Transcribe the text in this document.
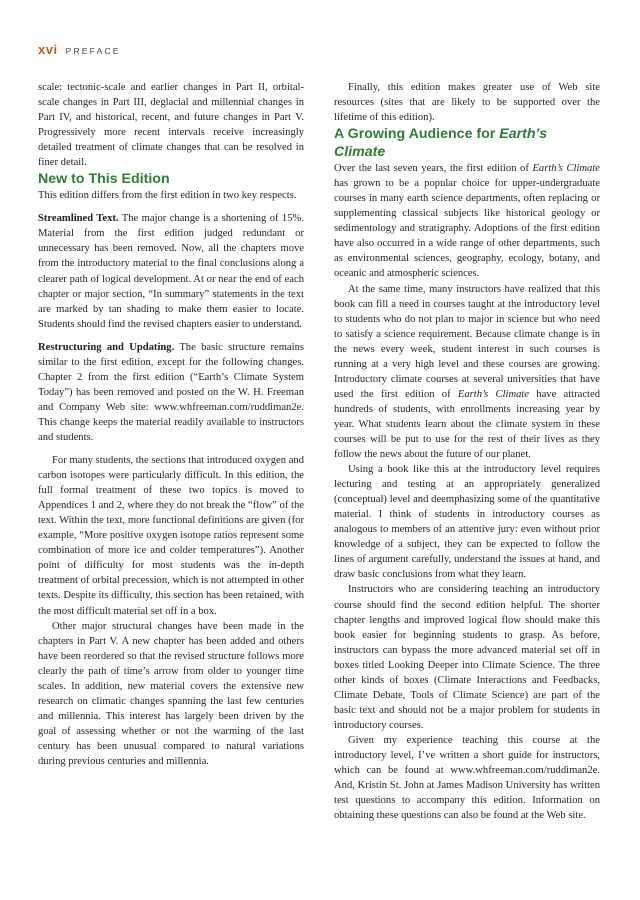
xvi PREFACE

scale: tectonic-scale and earlier changes in Part II, orbital-scale changes in Part III, deglacial and millennial changes in Part IV, and historical, recent, and future changes in Part V. Progressively more recent intervals receive increasingly detailed treatment of climate changes that can be resolved in finer detail.

New to This Edition

This edition differs from the first edition in two key respects.

Streamlined Text. The major change is a shortening of 15%. Material from the first edition judged redundant or unnecessary has been removed. Now, all the chapters move from the introductory material to the final conclusions along a clearer path of logical development. At or near the end of each chapter or major section, “In summary” statements in the text are marked by tan shading to make them easier to locate. Students should find the revised chapters easier to understand.

Restructuring and Updating. The basic structure remains similar to the first edition, except for the following changes. Chapter 2 from the first edition (“Earth’s Climate System Today”) has been removed and posted on the W. H. Freeman and Company Web site: www.whfreeman.com/ruddiman2e. This change keeps the material readily available to instructors and students.

For many students, the sections that introduced oxygen and carbon isotopes were particularly difficult. In this edition, the full formal treatment of these two topics is moved to Appendices 1 and 2, where they do not break the “flow” of the text. Within the text, more functional definitions are given (for example, “More positive oxygen isotope ratios represent some combination of more ice and colder temperatures”). Another point of difficulty for most students was the in-depth treatment of orbital precession, which is not attempted in other texts. Despite its difficulty, this section has been retained, with the most difficult material set off in a box.

Other major structural changes have been made in the chapters in Part V. A new chapter has been added and others have been reordered so that the revised structure follows more clearly the path of time’s arrow from older to younger time scales. In addition, new material covers the extensive new research on climatic changes spanning the last few centuries and millennia. This interest has largely been driven by the goal of assessing whether or not the warming of the last century has been unusual compared to natural variations during previous centuries and millennia.

Finally, this edition makes greater use of Web site resources (sites that are likely to be supported over the lifetime of this edition).

A Growing Audience for Earth’s Climate

Over the last seven years, the first edition of Earth’s Climate has grown to be a popular choice for upper-undergraduate courses in many earth science departments, often replacing or supplementing classical subjects like historical geology or sedimentology and stratigraphy. Adoptions of the first edition have also occurred in a wide range of other departments, such as environmental sciences, geography, ecology, botany, and oceanic and atmospheric sciences.

At the same time, many instructors have realized that this book can fill a need in courses taught at the introductory level to students who do not plan to major in science but who need to satisfy a science requirement. Because climate change is in the news every week, student interest in such courses is running at a very high level and these courses are growing. Introductory climate courses at several universities that have used the first edition of Earth’s Climate have attracted hundreds of students, with enrollments increasing year by year. What students learn about the climate system in these courses will be put to use for the rest of their lives as they follow the news about the future of our planet.

Using a book like this at the introductory level requires lecturing and testing at an appropriately generalized (conceptual) level and deemphasizing some of the quantitative material. I think of students in introductory courses as analogous to members of an attentive jury: even without prior knowledge of a subject, they can be expected to follow the lines of argument carefully, understand the issues at hand, and draw basic conclusions from what they learn.

Instructors who are considering teaching an introductory course should find the second edition helpful. The shorter chapter lengths and improved logical flow should make this book easier for beginning students to grasp. As before, instructors can bypass the more advanced material set off in boxes titled Looking Deeper into Climate Science. The three other kinds of boxes (Climate Interactions and Feedbacks, Climate Debate, Tools of Climate Science) are part of the basic text and should not be a major problem for students in introductory courses.

Given my experience teaching this course at the introductory level, I’ve written a short guide for instructors, which can be found at www.whfreeman.com/ruddiman2e. And, Kristin St. John at James Madison University has written test questions to accompany this edition. Information on obtaining these questions can also be found at the Web site.
